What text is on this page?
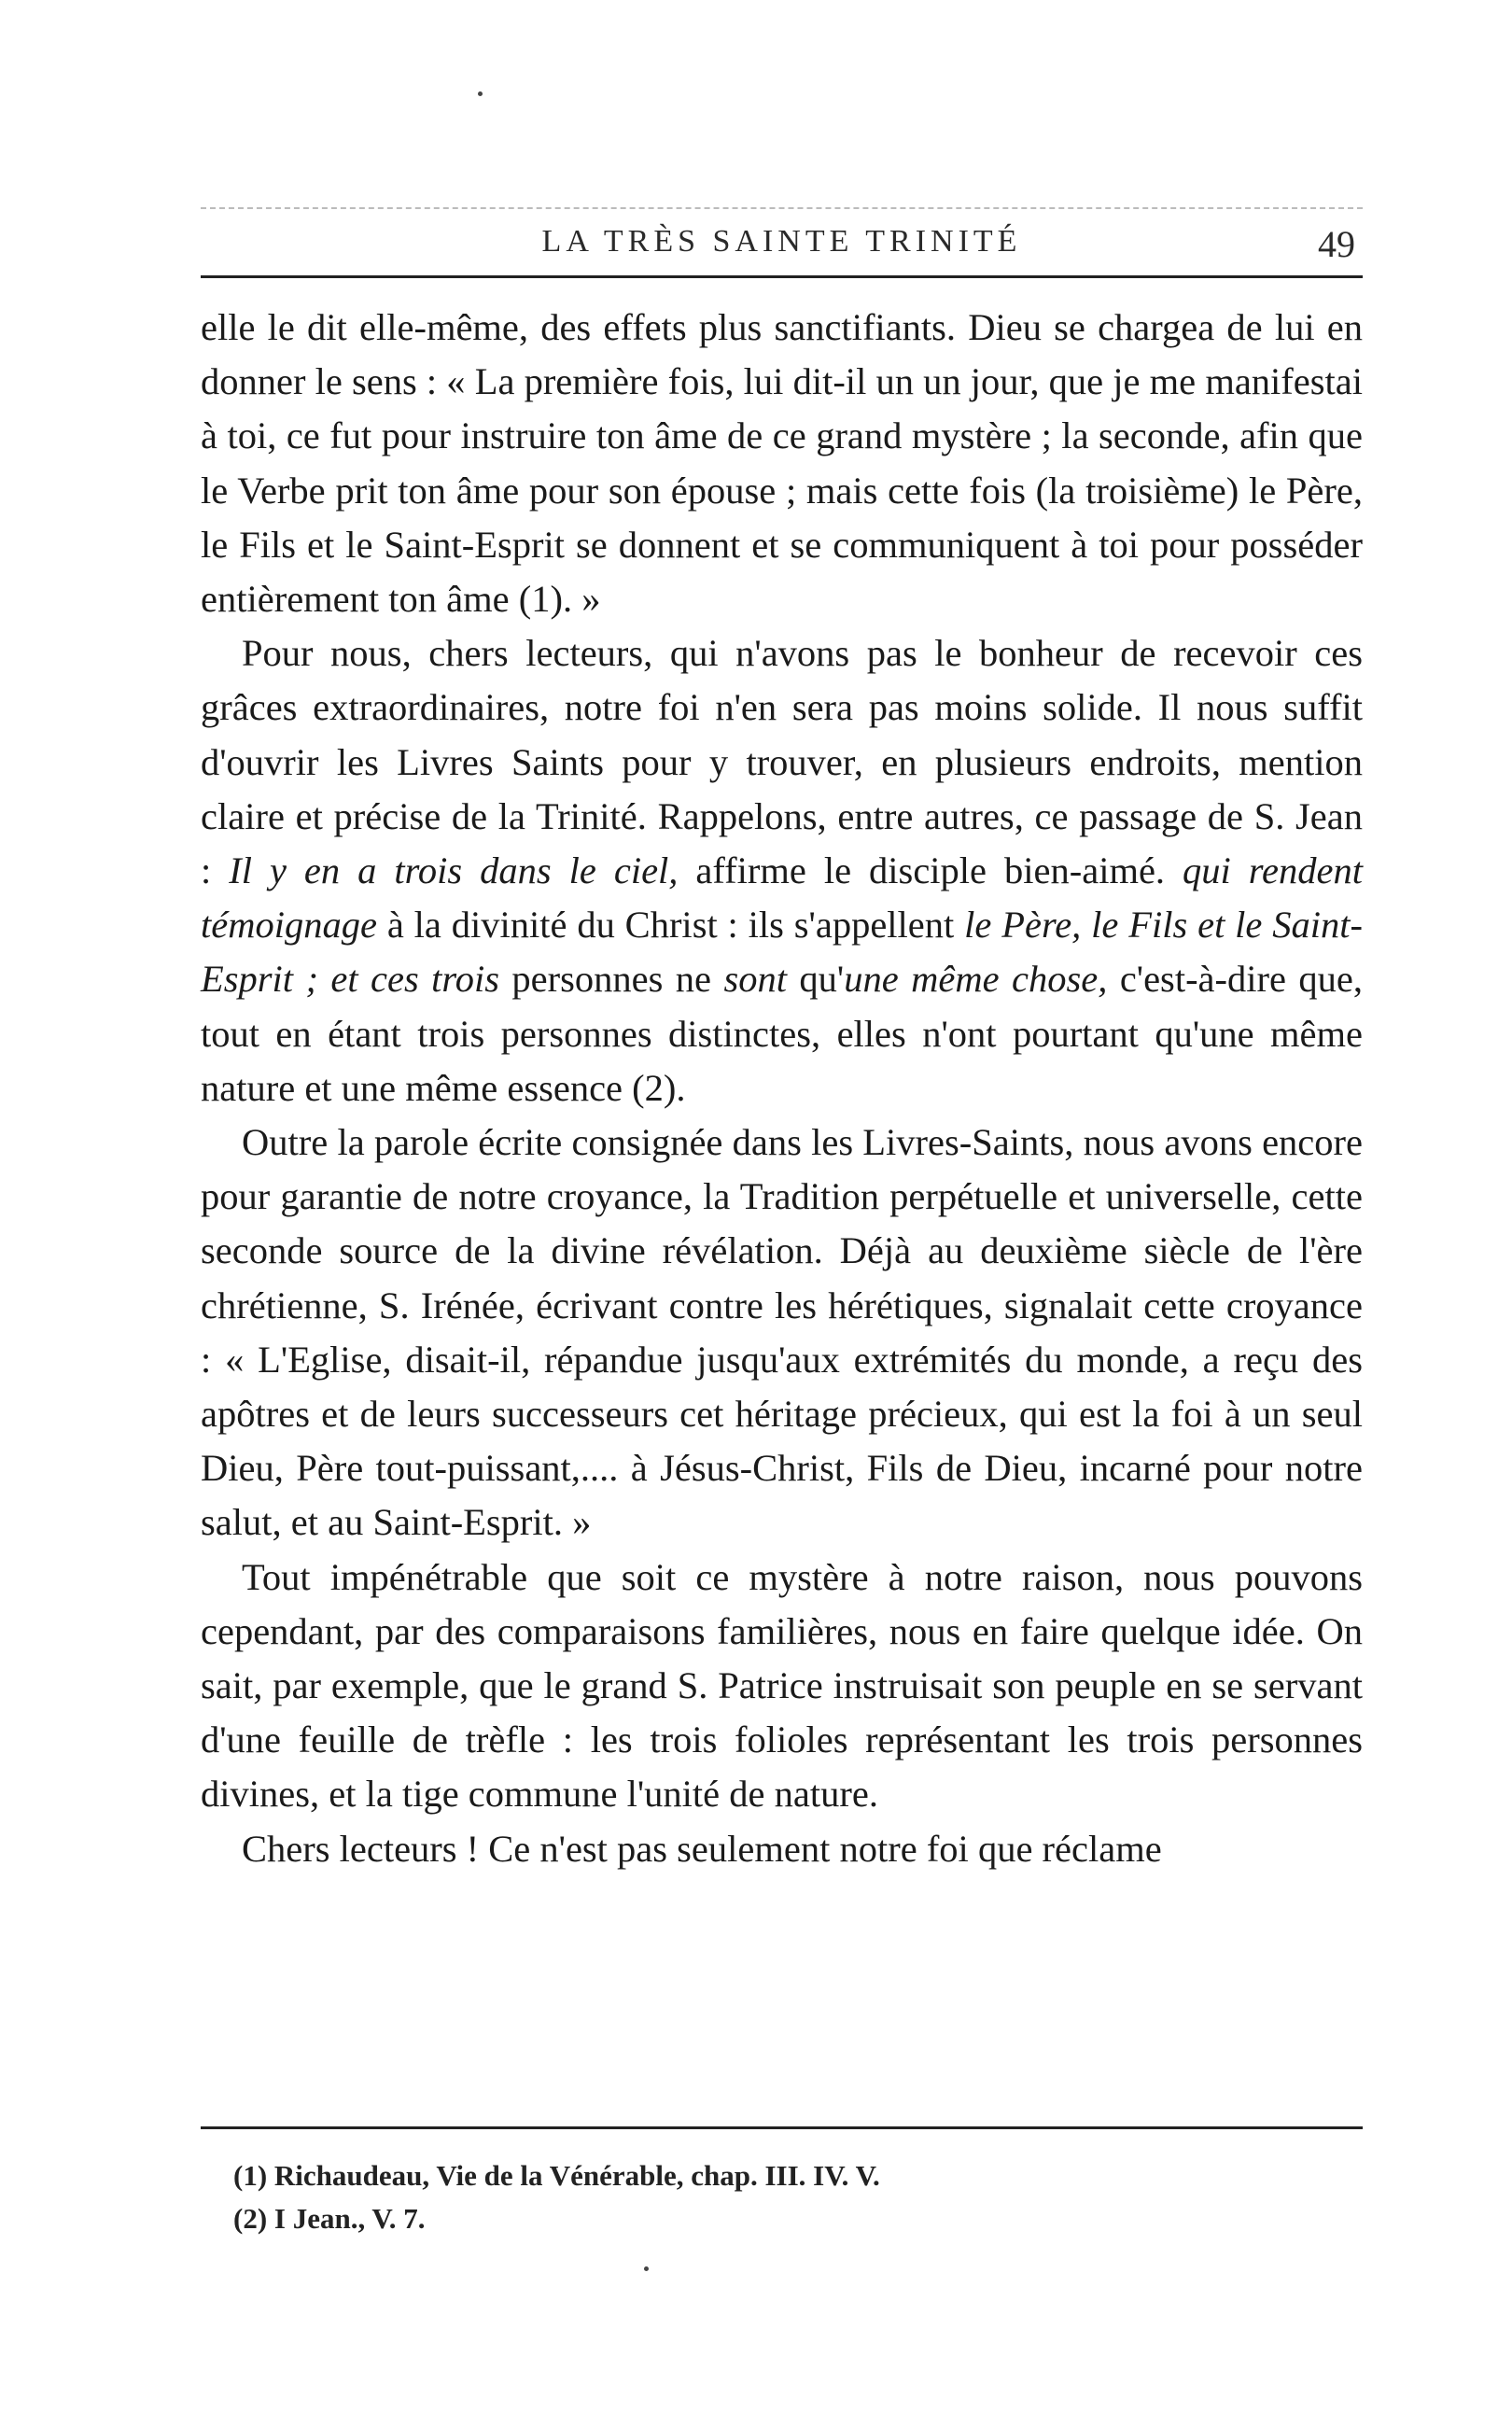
LA TRÈS SAINTE TRINITÉ	49

elle le dit elle-même, des effets plus sanctifiants. Dieu se chargea de lui en donner le sens : « La première fois, lui dit-il un un jour, que je me manifestai à toi, ce fut pour instruire ton âme de ce grand mystère ; la seconde, afin que le Verbe prit ton âme pour son épouse ; mais cette fois (la troisième) le Père, le Fils et le Saint-Esprit se donnent et se communiquent à toi pour posséder entièrement ton âme (1). »

Pour nous, chers lecteurs, qui n'avons pas le bonheur de recevoir ces grâces extraordinaires, notre foi n'en sera pas moins solide. Il nous suffit d'ouvrir les Livres Saints pour y trouver, en plusieurs endroits, mention claire et précise de la Trinité. Rappelons, entre autres, ce passage de S. Jean : Il y en a trois dans le ciel, affirme le disciple bien-aimé. qui rendent témoignage à la divinité du Christ : ils s'appellent le Père, le Fils et le Saint-Esprit ; et ces trois personnes ne sont qu'une même chose, c'est-à-dire que, tout en étant trois personnes distinctes, elles n'ont pourtant qu'une même nature et une même essence (2).

Outre la parole écrite consignée dans les Livres-Saints, nous avons encore pour garantie de notre croyance, la Tradition perpétuelle et universelle, cette seconde source de la divine révélation. Déjà au deuxième siècle de l'ère chrétienne, S. Irénée, écrivant contre les hérétiques, signalait cette croyance : « L'Eglise, disait-il, répandue jusqu'aux extrémités du monde, a reçu des apôtres et de leurs successeurs cet héritage précieux, qui est la foi à un seul Dieu, Père tout-puissant,.... à Jésus-Christ, Fils de Dieu, incarné pour notre salut, et au Saint-Esprit. »

Tout impénétrable que soit ce mystère à notre raison, nous pouvons cependant, par des comparaisons familières, nous en faire quelque idée. On sait, par exemple, que le grand S. Patrice instruisait son peuple en se servant d'une feuille de trèfle : les trois folioles représentant les trois personnes divines, et la tige commune l'unité de nature.

Chers lecteurs ! Ce n'est pas seulement notre foi que réclame

(1) Richaudeau, Vie de la Vénérable, chap. III. IV. V.
(2) I Jean., V. 7.
